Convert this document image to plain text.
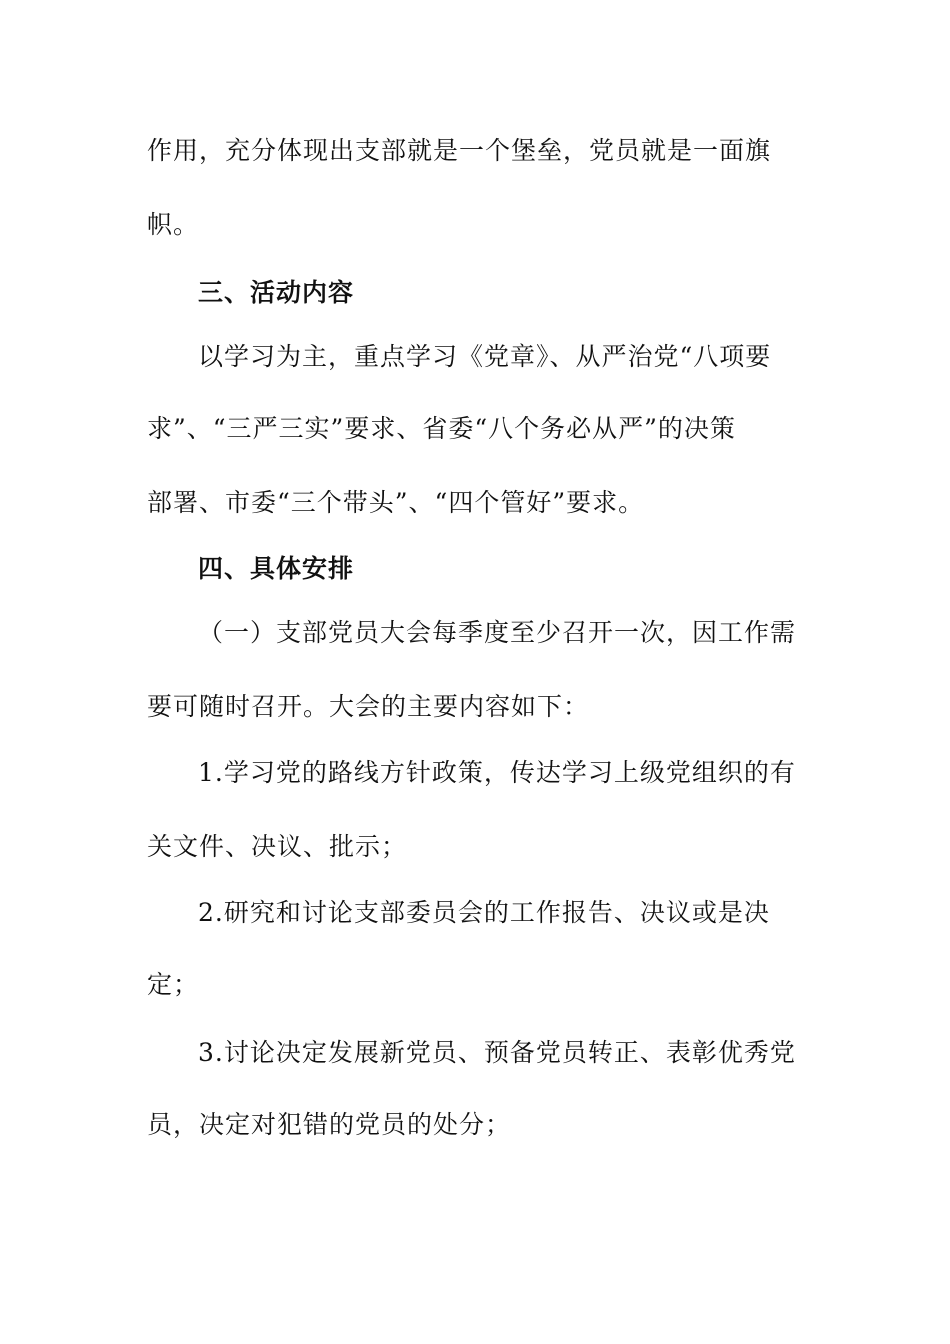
作用，充分体现出支部就是一个堡垒，党员就是一面旗
帜。
三、活动内容
以学习为主，重点学习《党章》、从严治党“八项要
求”、“三严三实”要求、省委“八个务必从严”的决策
部署、市委“三个带头”、“四个管好”要求。
四、具体安排
（一）支部党员大会每季度至少召开一次，因工作需
要可随时召开。大会的主要内容如下：
1.学习党的路线方针政策，传达学习上级党组织的有
关文件、决议、批示；
2.研究和讨论支部委员会的工作报告、决议或是决
定；
3.讨论决定发展新党员、预备党员转正、表彰优秀党
员，决定对犯错的党员的处分；
